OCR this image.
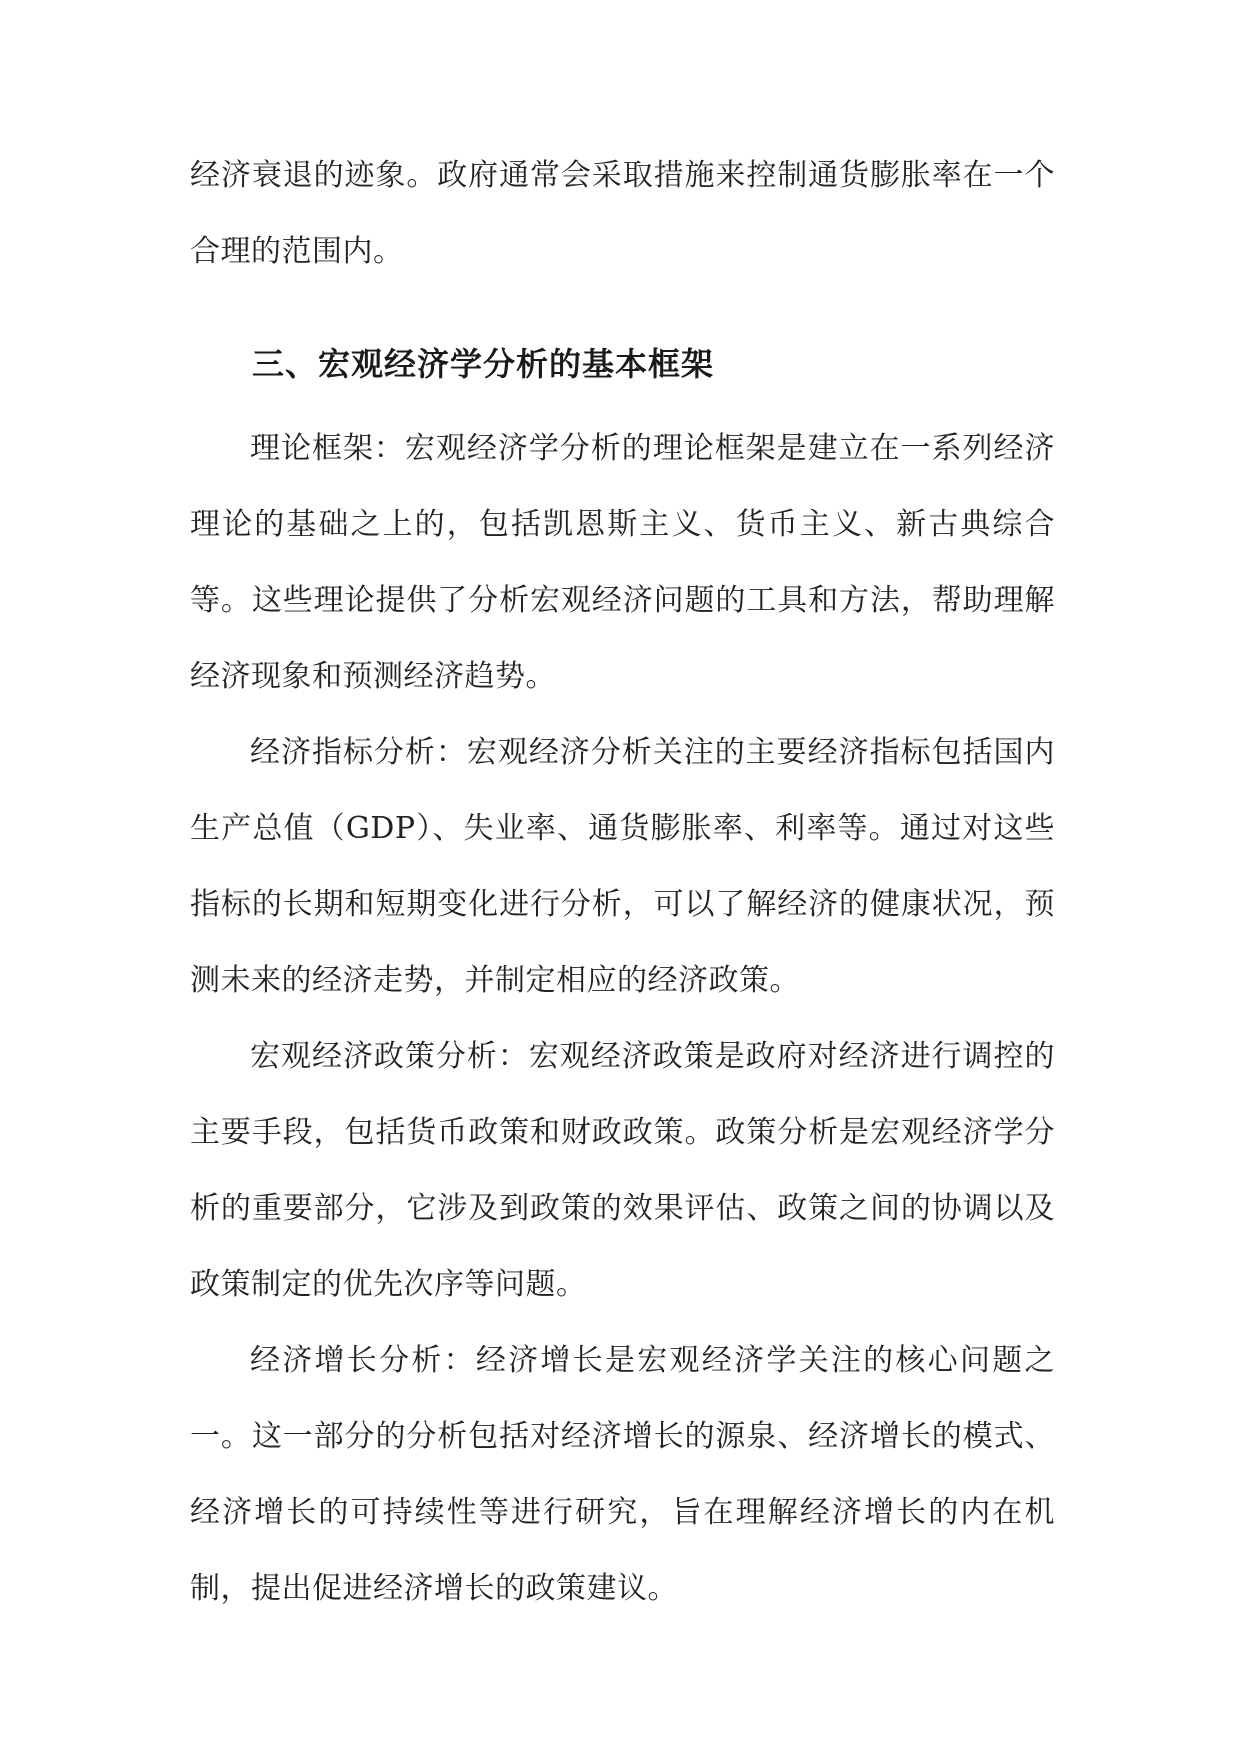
经济衰退的迹象。政府通常会采取措施来控制通货膨胀率在一个合理的范围内。

三、宏观经济学分析的基本框架

理论框架：宏观经济学分析的理论框架是建立在一系列经济理论的基础之上的，包括凯恩斯主义、货币主义、新古典综合等。这些理论提供了分析宏观经济问题的工具和方法，帮助理解经济现象和预测经济趋势。

经济指标分析：宏观经济分析关注的主要经济指标包括国内生产总值（GDP）、失业率、通货膨胀率、利率等。通过对这些指标的长期和短期变化进行分析，可以了解经济的健康状况，预测未来的经济走势，并制定相应的经济政策。

宏观经济政策分析：宏观经济政策是政府对经济进行调控的主要手段，包括货币政策和财政政策。政策分析是宏观经济学分析的重要部分，它涉及到政策的效果评估、政策之间的协调以及政策制定的优先次序等问题。

经济增长分析：经济增长是宏观经济学关注的核心问题之一。这一部分的分析包括对经济增长的源泉、经济增长的模式、经济增长的可持续性等进行研究，旨在理解经济增长的内在机制，提出促进经济增长的政策建议。
